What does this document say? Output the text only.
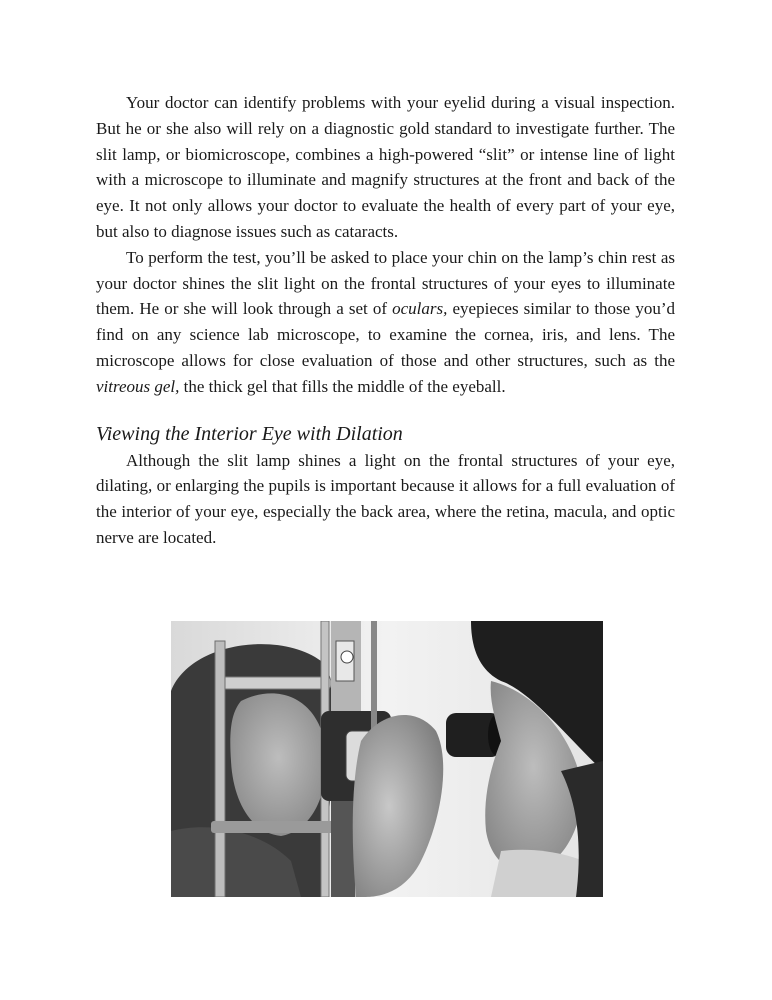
Your doctor can identify problems with your eyelid during a visual inspection. But he or she also will rely on a diagnostic gold standard to investigate further. The slit lamp, or biomicroscope, combines a high-powered “slit” or intense line of light with a microscope to illuminate and magnify structures at the front and back of the eye. It not only allows your doctor to evaluate the health of every part of your eye, but also to diagnose issues such as cataracts.

To perform the test, you’ll be asked to place your chin on the lamp’s chin rest as your doctor shines the slit light on the frontal structures of your eyes to illuminate them. He or she will look through a set of oculars, eyepieces similar to those you’d find on any science lab microscope, to examine the cornea, iris, and lens. The microscope allows for close evaluation of those and other structures, such as the vitreous gel, the thick gel that fills the middle of the eyeball.

Viewing the Interior Eye with Dilation

Although the slit lamp shines a light on the frontal structures of your eye, dilating, or enlarging the pupils is important because it allows for a full evaluation of the interior of your eye, especially the back area, where the retina, macula, and optic nerve are located.
